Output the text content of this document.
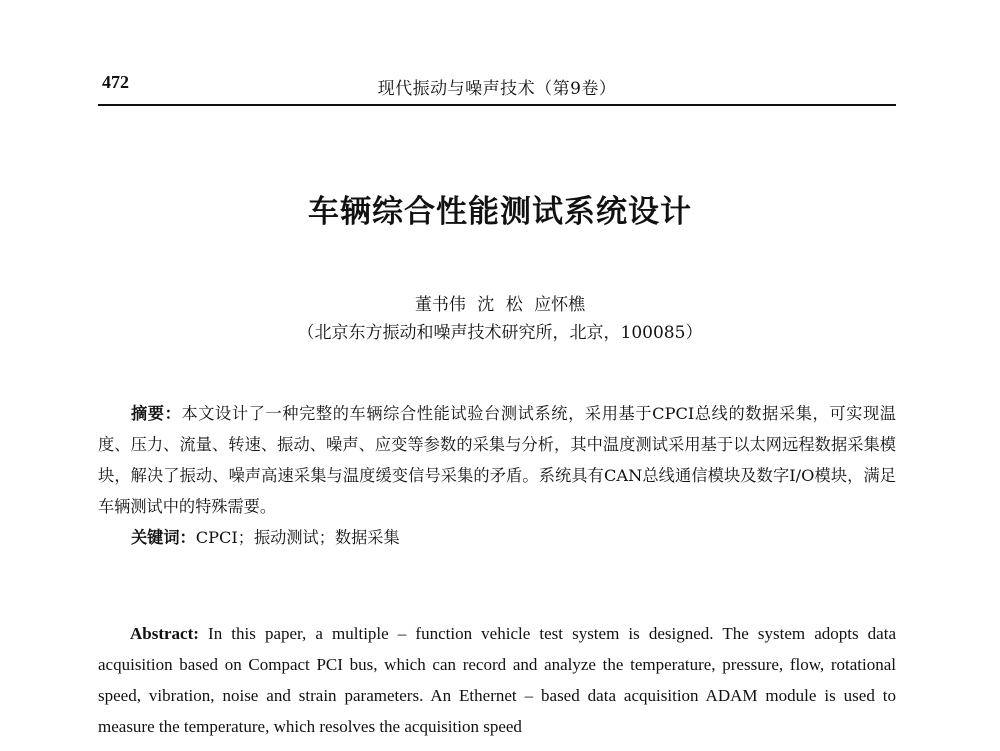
472	现代振动与噪声技术（第9卷）
车辆综合性能测试系统设计
董书伟 沈 松 应怀樵
（北京东方振动和噪声技术研究所，北京，100085）
摘要：本文设计了一种完整的车辆综合性能试验台测试系统，采用基于CPCI总线的数据采集，可实现温度、压力、流量、转速、振动、噪声、应变等参数的采集与分析，其中温度测试采用基于以太网远程数据采集模块，解决了振动、噪声高速采集与温度缓变信号采集的矛盾。系统具有CAN总线通信模块及数字I/O模块，满足车辆测试中的特殊需要。
关键词：CPCI；振动测试；数据采集
Abstract: In this paper, a multiple – function vehicle test system is designed. The system adopts data acquisition based on Compact PCI bus, which can record and analyze the temperature, pressure, flow, rotational speed, vibration, noise and strain parameters. An Ethernet – based data acquisition ADAM module is used to measure the temperature, which resolves the acquisition speed
